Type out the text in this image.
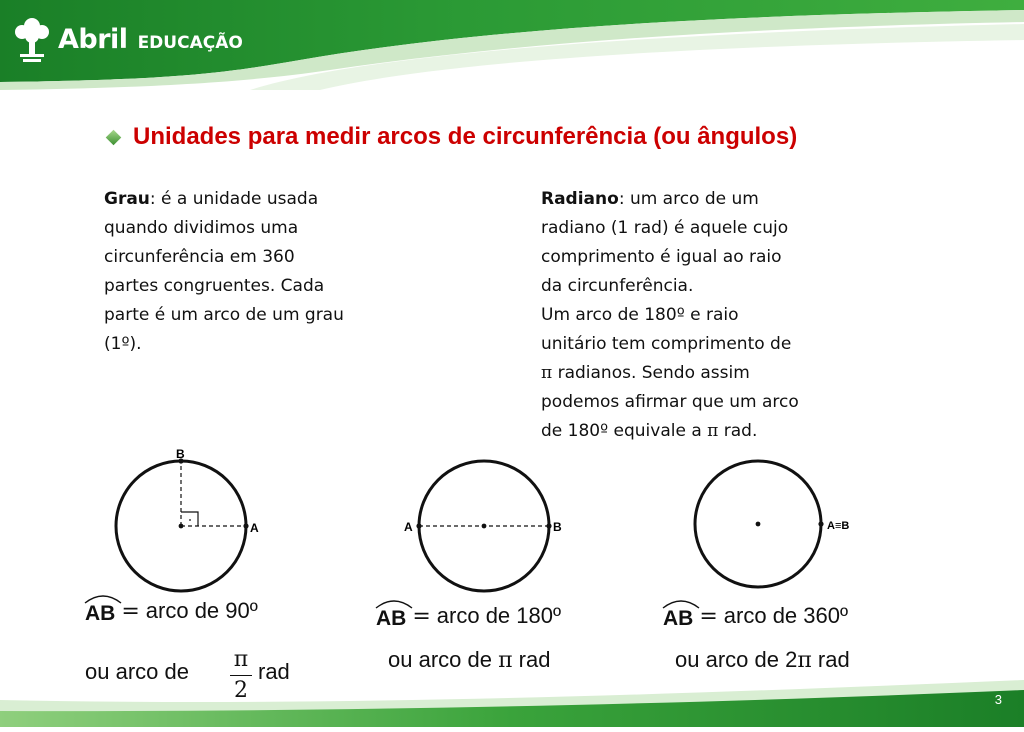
Abril EDUCAÇÃO
Unidades para medir arcos de circunferência (ou ângulos)
Grau: é a unidade usada
quando dividimos uma
circunferência em 360
partes congruentes. Cada
parte é um arco de um grau
(1º).
Radiano: um arco de um
radiano (1 rad) é aquele cujo
comprimento é igual ao raio
da circunferência.
Um arco de 180º e raio
unitário tem comprimento de
π radianos. Sendo assim
podemos afirmar que um arco
de 180º equivale a π rad.
B
A	A	B	A≡B
AB = arco de 90º
ou arco de π
2
rad
AB = arco de 180º
ou arco de π rad
AB = arco de 360º
ou arco de 2π rad
3
